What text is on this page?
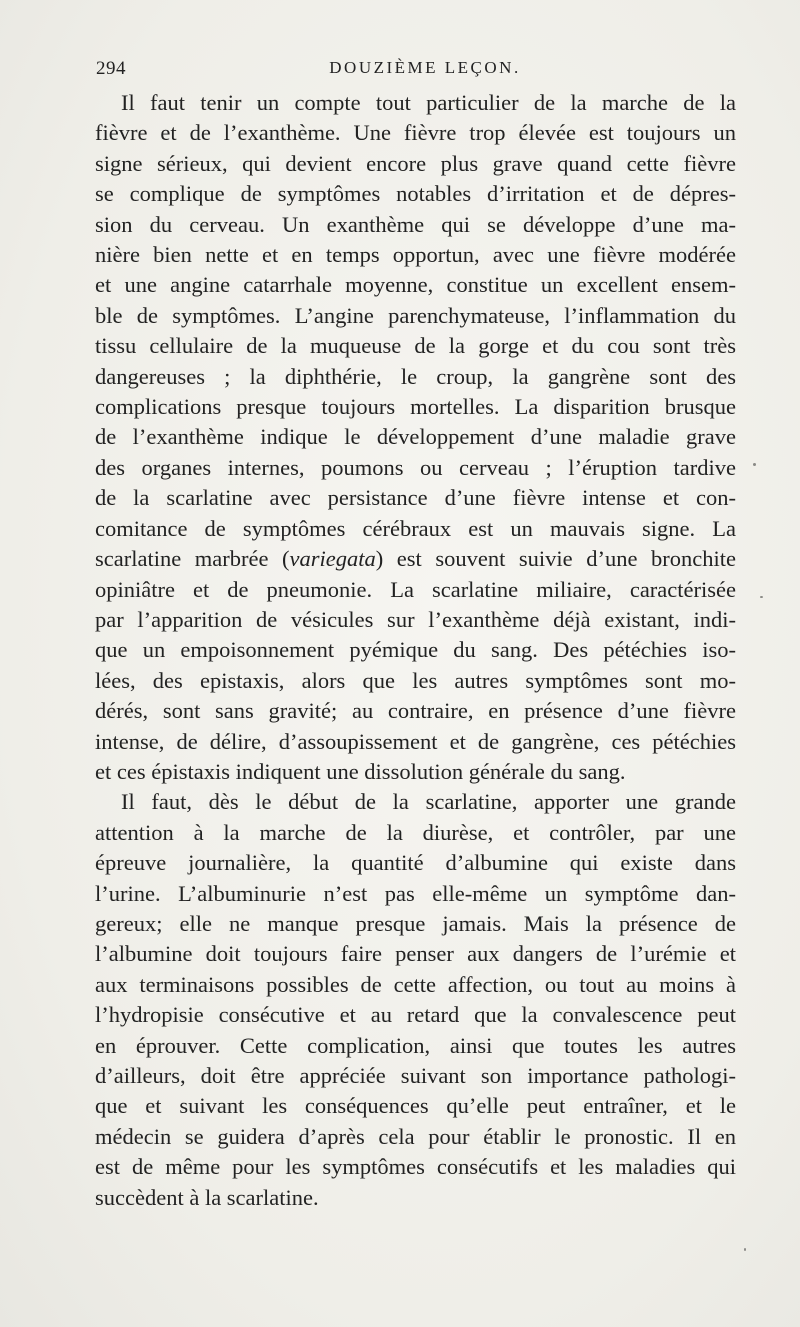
294	DOUZIÈME LEÇON.
Il faut tenir un compte tout particulier de la marche de la
fièvre et de l’exanthème. Une fièvre trop élevée est toujours un
signe sérieux, qui devient encore plus grave quand cette fièvre
se complique de symptômes notables d’irritation et de dépres-
sion du cerveau. Un exanthème qui se développe d’une ma-
nière bien nette et en temps opportun, avec une fièvre modérée
et une angine catarrhale moyenne, constitue un excellent ensem-
ble de symptômes. L’angine parenchymateuse, l’inflammation du
tissu cellulaire de la muqueuse de la gorge et du cou sont très
dangereuses ; la diphthérie, le croup, la gangrène sont des
complications presque toujours mortelles. La disparition brusque
de l’exanthème indique le développement d’une maladie grave
des organes internes, poumons ou cerveau ; l’éruption tardive
de la scarlatine avec persistance d’une fièvre intense et con-
comitance de symptômes cérébraux est un mauvais signe. La
scarlatine marbrée (variegata) est souvent suivie d’une bronchite
opiniâtre et de pneumonie. La scarlatine miliaire, caractérisée
par l’apparition de vésicules sur l’exanthème déjà existant, indi-
que un empoisonnement pyémique du sang. Des pétéchies iso-
lées, des epistaxis, alors que les autres symptômes sont mo-
dérés, sont sans gravité; au contraire, en présence d’une fièvre
intense, de délire, d’assoupissement et de gangrène, ces pétéchies
et ces épistaxis indiquent une dissolution générale du sang.
Il faut, dès le début de la scarlatine, apporter une grande
attention à la marche de la diurèse, et contrôler, par une
épreuve journalière, la quantité d’albumine qui existe dans
l’urine. L’albuminurie n’est pas elle-même un symptôme dan-
gereux; elle ne manque presque jamais. Mais la présence de
l’albumine doit toujours faire penser aux dangers de l’urémie et
aux terminaisons possibles de cette affection, ou tout au moins à
l’hydropisie consécutive et au retard que la convalescence peut
en éprouver. Cette complication, ainsi que toutes les autres
d’ailleurs, doit être appréciée suivant son importance pathologi-
que et suivant les conséquences qu’elle peut entraîner, et le
médecin se guidera d’après cela pour établir le pronostic. Il en
est de même pour les symptômes consécutifs et les maladies qui
succèdent à la scarlatine.
